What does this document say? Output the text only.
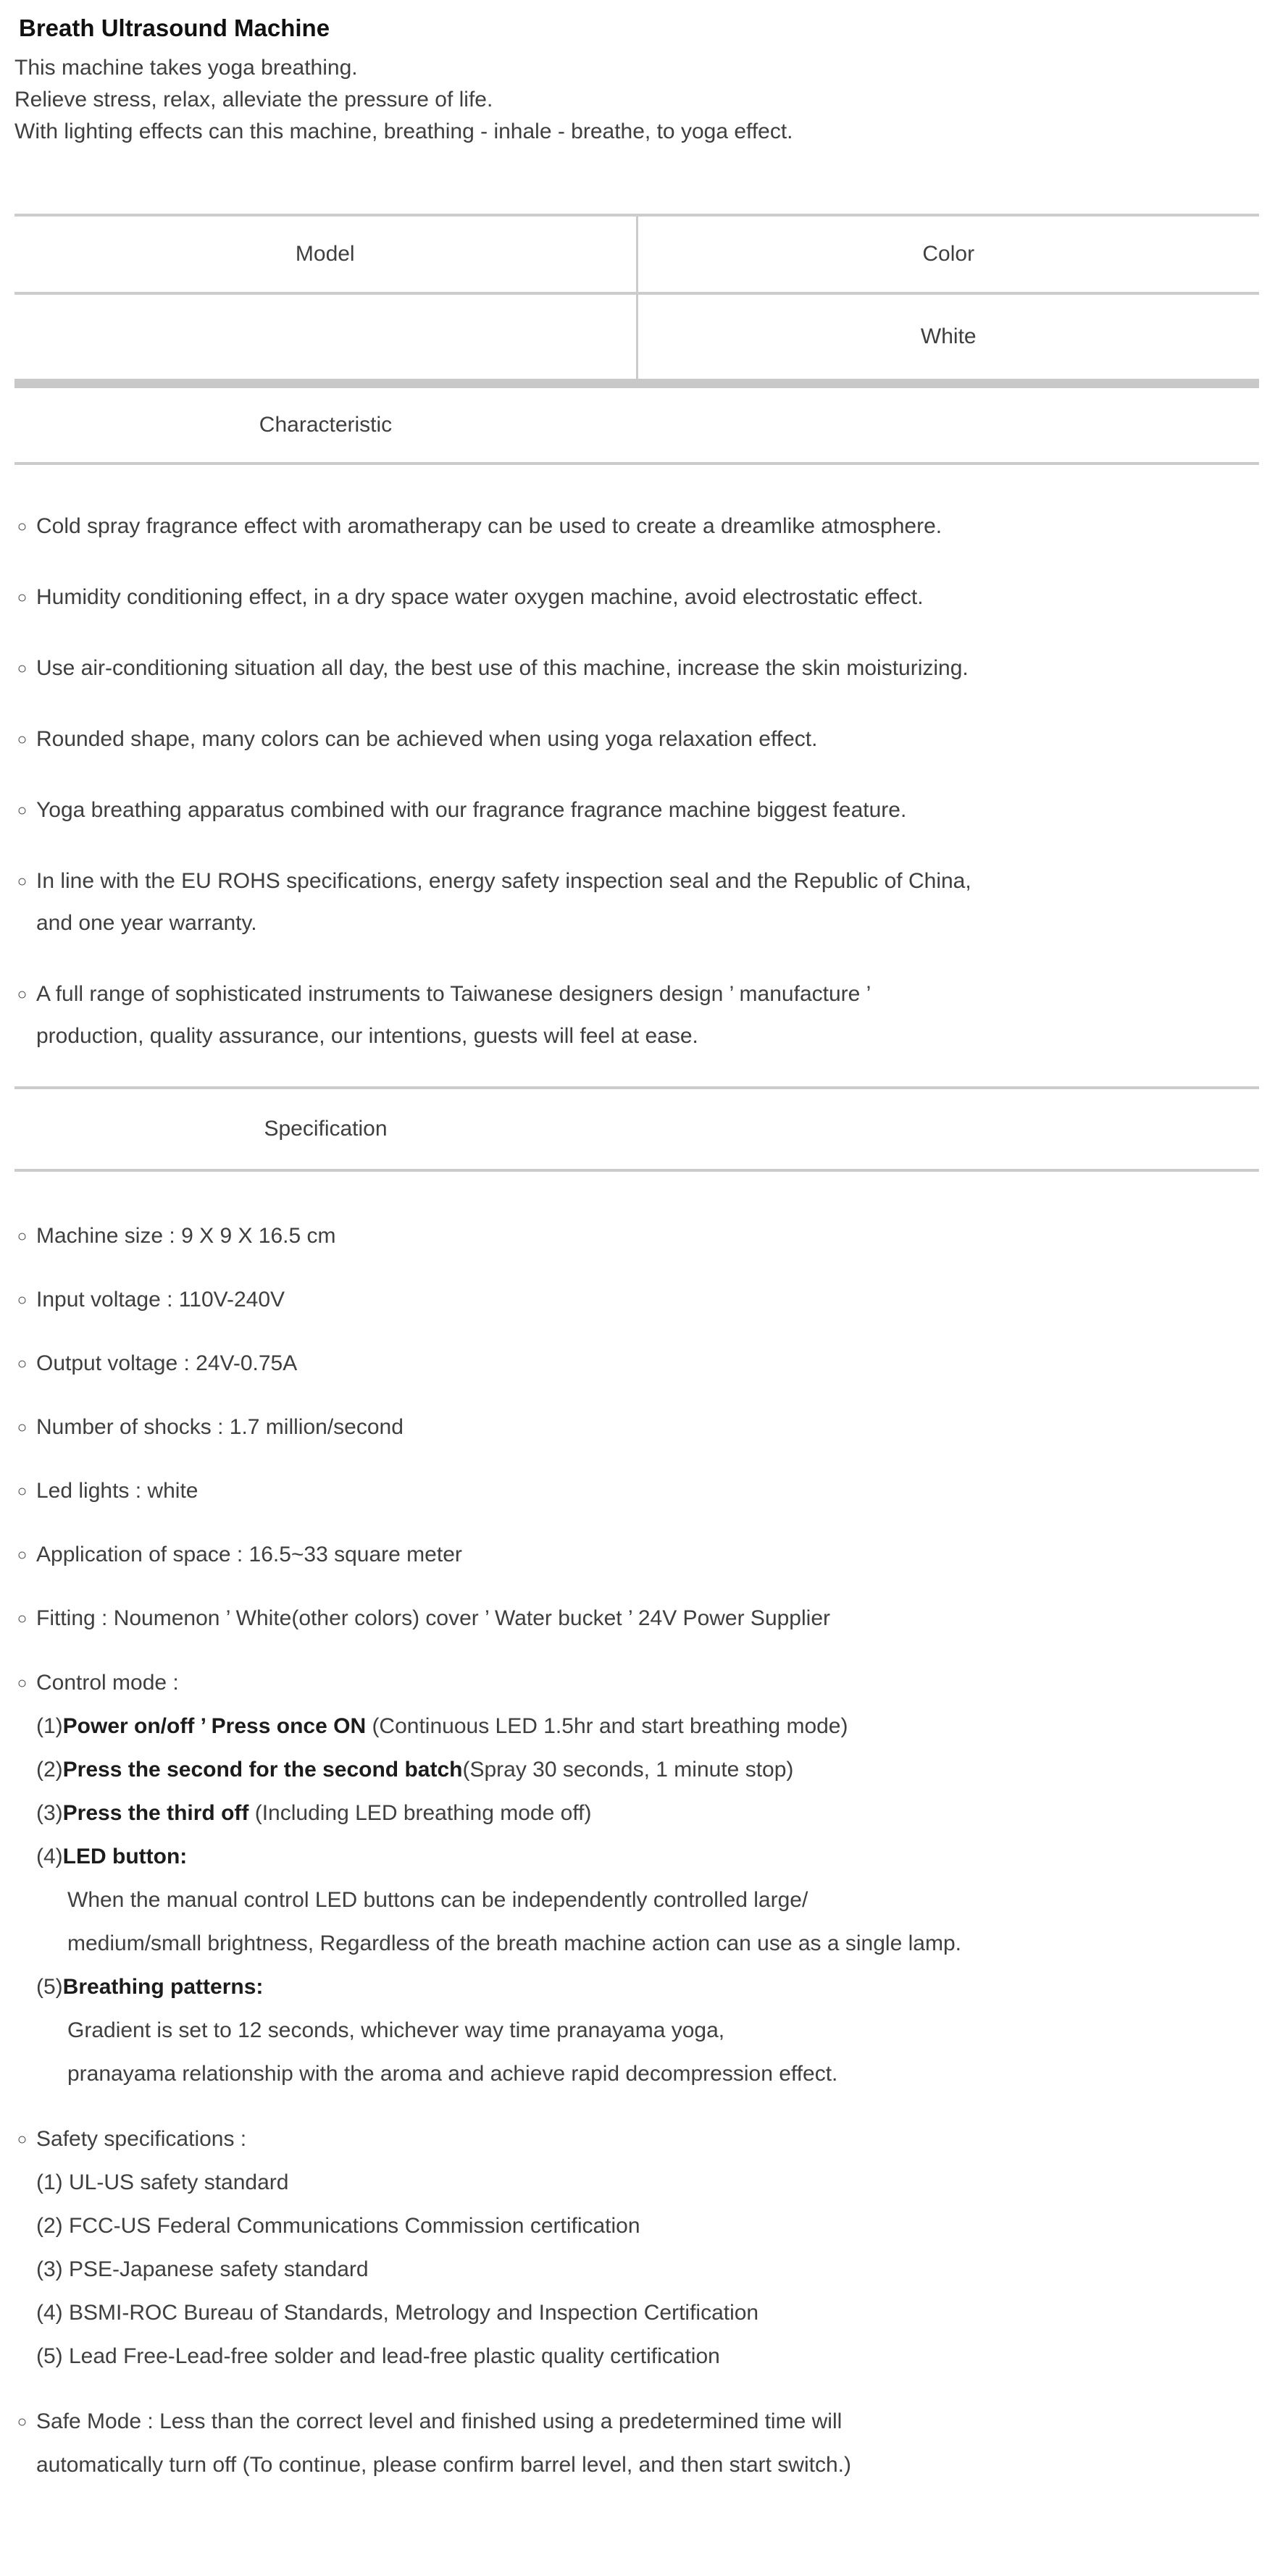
Breath Ultrasound Machine

This machine takes yoga breathing.
Relieve stress, relax, alleviate the pressure of life.
With lighting effects can this machine, breathing - inhale - breathe, to yoga effect.

Model	Color
White
Characteristic
◦ Cold spray fragrance effect with aromatherapy can be used to create a dreamlike atmosphere.
◦ Humidity conditioning effect, in a dry space water oxygen machine, avoid electrostatic effect.
◦ Use air-conditioning situation all day, the best use of this machine, increase the skin moisturizing.
◦ Rounded shape, many colors can be achieved when using yoga relaxation effect.
◦ Yoga breathing apparatus combined with our fragrance fragrance machine biggest feature.
◦ In line with the EU ROHS specifications, energy safety inspection seal and the Republic of China,
and one year warranty.
◦ A full range of sophisticated instruments to Taiwanese designers design ’ manufacture ’
production, quality assurance, our intentions, guests will feel at ease.
Specification
◦ Machine size : 9 X 9 X 16.5 cm
◦ Input voltage : 110V-240V
◦ Output voltage : 24V-0.75A
◦ Number of shocks : 1.7 million/second
◦ Led lights : white
◦ Application of space : 16.5~33 square meter
◦ Fitting : Noumenon ’ White(other colors) cover ’ Water bucket ’ 24V Power Supplier
◦ Control mode :
(1)Power on/off ’ Press once ON (Continuous LED 1.5hr and start breathing mode)
(2)Press the second for the second batch(Spray 30 seconds, 1 minute stop)
(3)Press the third off (Including LED breathing mode off)
(4)LED button:
When the manual control LED buttons can be independently controlled large/
medium/small brightness, Regardless of the breath machine action can use as a single lamp.
(5)Breathing patterns:
Gradient is set to 12 seconds, whichever way time pranayama yoga,
pranayama relationship with the aroma and achieve rapid decompression effect.
◦ Safety specifications :
(1) UL-US safety standard
(2) FCC-US Federal Communications Commission certification
(3) PSE-Japanese safety standard
(4) BSMI-ROC Bureau of Standards, Metrology and Inspection Certification
(5) Lead Free-Lead-free solder and lead-free plastic quality certification
◦ Safe Mode : Less than the correct level and finished using a predetermined time will
automatically turn off (To continue, please confirm barrel level, and then start switch.)
